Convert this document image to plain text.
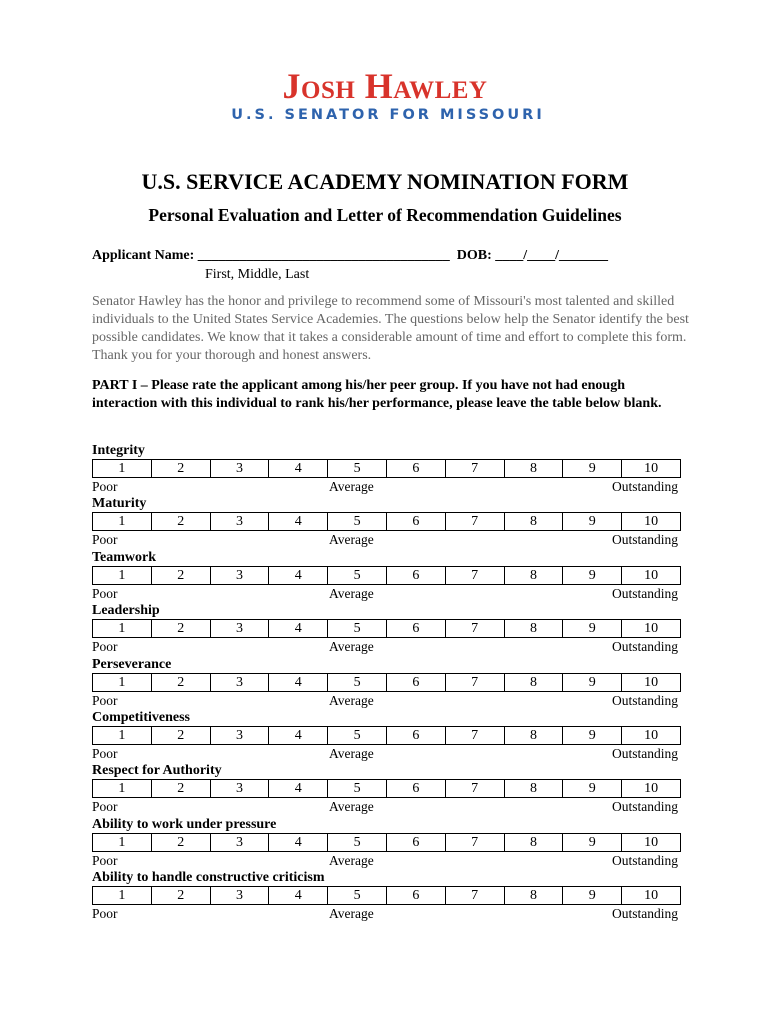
Josh Hawley
U.S. SENATOR FOR MISSOURI
U.S. SERVICE ACADEMY NOMINATION FORM
Personal Evaluation and Letter of Recommendation Guidelines
Applicant Name: ____________________________________  DOB: ____/____/_______
First, Middle, Last
Senator Hawley has the honor and privilege to recommend some of Missouri's most talented and skilled individuals to the United States Service Academies. The questions below help the Senator identify the best possible candidates. We know that it takes a considerable amount of time and effort to complete this form. Thank you for your thorough and honest answers.
PART I – Please rate the applicant among his/her peer group. If you have not had enough interaction with this individual to rank his/her performance, please leave the table below blank.
Integrity
1	2	3	4	5	6	7	8	9	10
Poor	Average	Outstanding
Maturity
1	2	3	4	5	6	7	8	9	10
Poor	Average	Outstanding
Teamwork
1	2	3	4	5	6	7	8	9	10
Poor	Average	Outstanding
Leadership
1	2	3	4	5	6	7	8	9	10
Poor	Average	Outstanding
Perseverance
1	2	3	4	5	6	7	8	9	10
Poor	Average	Outstanding
Competitiveness
1	2	3	4	5	6	7	8	9	10
Poor	Average	Outstanding
Respect for Authority
1	2	3	4	5	6	7	8	9	10
Poor	Average	Outstanding
Ability to work under pressure
1	2	3	4	5	6	7	8	9	10
Poor	Average	Outstanding
Ability to handle constructive criticism
1	2	3	4	5	6	7	8	9	10
Poor	Average	Outstanding
